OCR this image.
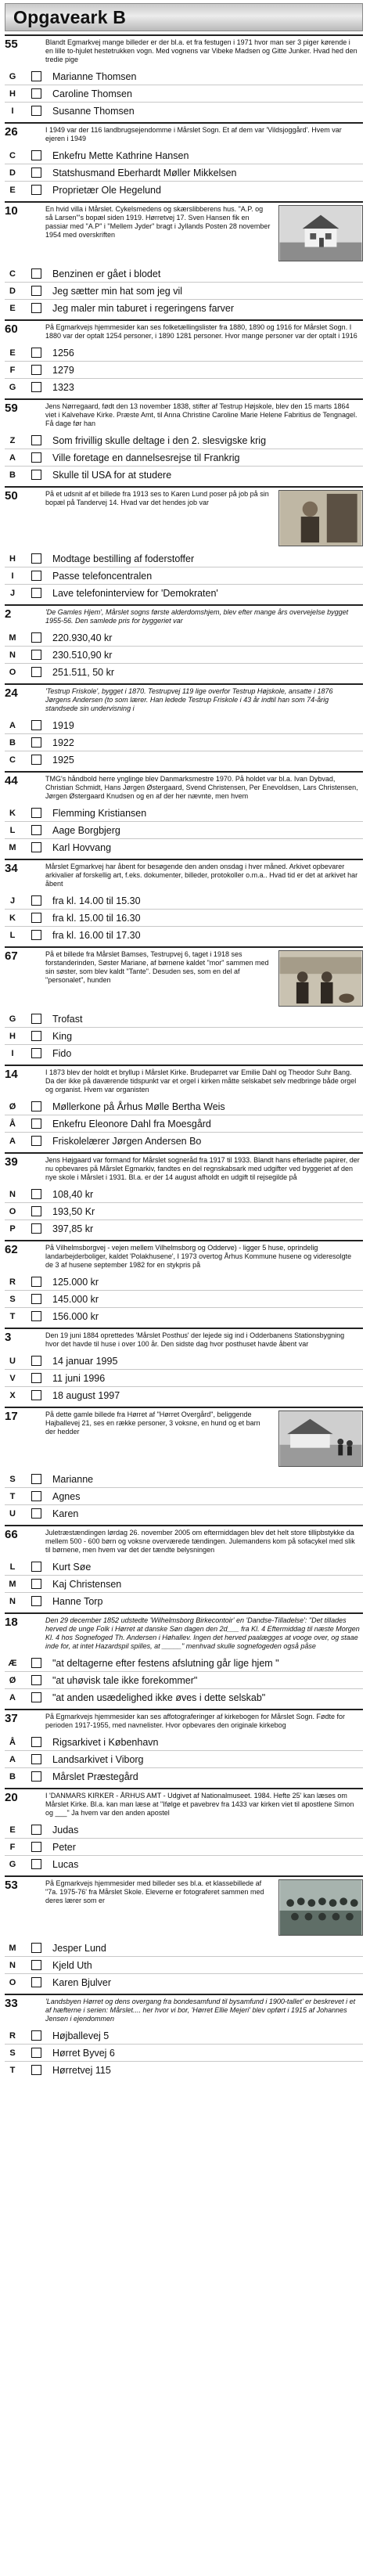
Opgaveark B
55	Blandt Egmarkvej mange billeder er der bl.a. et fra festugen i 1971 hvor man ser 3 piger kørende i en lille to-hjulet hestetrukken vogn. Med vognens var Vibeke Madsen og Gitte Junker. Hvad hed den tredie pige
G	Marianne Thomsen
H	Caroline Thomsen
I	Susanne Thomsen
26	I 1949 var der 116 landbrugsejendomme i Mårslet Sogn. Et af dem var 'Vildsjoggård'. Hvem var ejeren i 1949
C	Enkefru Mette Kathrine Hansen
D	Statshusmand Eberhardt Møller Mikkelsen
E	Proprietær Ole Hegelund
10	En hvid villa i Mårslet. Cykelsmedens og skærslibberens hus. "A.P. og så Larsen"'s bopæl siden 1919. Hørretvej 17. Sven Hansen fik en passiar med "A.P" i "Mellem Jyder" bragt i Jyllands Posten 28 november 1954 med overskriften
C	Benzinen er gået i blodet
D	Jeg sætter min hat som jeg vil
E	Jeg maler min taburet i regeringens farver
60	På Egmarkvejs hjemmesider kan ses folketællingslister fra 1880, 1890 og 1916 for Mårslet Sogn. I 1880 var der optalt 1254 personer, i 1890 1281 personer. Hvor mange personer var der optalt i 1916
E	1256
F	1279
G	1323
59	Jens Nørregaard, født den 13 november 1838, stifter af Testrup Højskole, blev den 15 marts 1864 viet i Kalvehave Kirke. Præste Amt, til Anna Christine Caroline Marie Helene Fabritius de Tengnagel. Få dage før han
Z	Som frivillig skulle deltage i den 2. slesvigske krig
A	Ville foretage en dannelsesrejse til Frankrig
B	Skulle til USA for at studere
50	På et udsnit af et billede fra 1913 ses to Karen Lund poser på job på sin bopæl på Tandervej 14. Hvad var det hendes job var
H	Modtage bestilling af foderstoffer
I	Passe telefoncentralen
J	Lave telefoninterview for 'Demokraten'
2	'De Gamles Hjem', Mårslet sogns første alderdomshjem, blev efter mange års overvejelse bygget 1955-56. Den samlede pris for byggeriet var
M	220.930,40 kr
N	230.510,90 kr
O	251.511, 50 kr
24	'Testrup Friskole', bygget i 1870. Testrupvej 119 lige overfor Testrup Højskole, ansatte i 1876 Jørgens Andersen (to som lærer. Han ledede Testrup Friskole i 43 år indtil han som 74-årig standsede sin undervisning i
A	1919
B	1922
C	1925
44	TMG's håndbold herre ynglinge blev Danmarksmestre 1970. På holdet var bl.a. Ivan Dybvad, Christian Schmidt, Hans Jørgen Østergaard, Svend Christensen, Per Enevoldsen, Lars Christensen, Jørgen Østergaard Knudsen og en af der her nævnte, men hvem
K	Flemming Kristiansen
L	Aage Borgbjerg
M	Karl Hovvang
34	Mårslet Egmarkvej har åbent for besøgende den anden onsdag i hver måned. Arkivet opbevarer arkivalier af forskellig art, f.eks. dokumenter, billeder, protokoller o.m.a.. Hvad tid er det at arkivet har åbent
J	fra kl. 14.00 til 15.30
K	fra kl. 15.00 til 16.30
L	fra kl. 16.00 til 17.30
67	På et billede fra Mårslet Bamses, Testrupvej 6, taget i 1918 ses forstanderinden, Søster Mariane, af børnene kaldet "mor" sammen med sin søster, som blev kaldt "Tante". Desuden ses, som en del af "personalet", hunden
G	Trofast
H	King
I	Fido
14	I 1873 blev der holdt et bryllup i Mårslet Kirke. Brudeparret var Emilie Dahl og Theodor Suhr Bang. Da der ikke på daværende tidspunkt var et orgel i kirken måtte selskabet selv medbringe både orgel og organist. Hvem var organisten
Ø	Møllerkone på Århus Mølle Bertha Weis
Å	Enkefru Eleonore Dahl fra Moesgård
A	Friskolelærer Jørgen Andersen Bo
39	Jens Højgaard var formand for Mårslet sogneråd fra 1917 til 1933. Blandt hans efterladte papirer, der nu opbevares på Mårslet Egmarkiv, fandtes en del regnskabsark med udgifter ved byggeriet af den nye skole i Mårslet i 1931. Bl.a. er der 14 august afholdt en udgift til rejsegilde på
N	108,40 kr
O	193,50 Kr
P	397,85 kr
62	På Vilhelmsborgvej - vejen mellem Vilhelmsborg og Odderve) - ligger 5 huse, oprindelig landarbejderboliger, kaldet 'Polakhusene', I 1973 overtog Århus Kommune husene og videresolgte de 3 af husene september 1982 for en stykpris på
R	125.000 kr
S	145.000 kr
T	156.000 kr
3	Den 19 juni 1884 oprettedes 'Mårslet Posthus' der lejede sig ind i Odderbanens Stationsbygning hvor det havde til huse i over 100 år. Den sidste dag hvor posthuset havde åbent var
U	14 januar 1995
V	11 juni 1996
X	18 august 1997
17	På dette gamle billede fra Hørret af "Hørret Overgård", beliggende Hajballevej 21, ses en række personer, 3 voksne, en hund og et barn der hedder
S	Marianne
T	Agnes
U	Karen
66	Juletræstændingen lørdag 26. november 2005 om eftermiddagen blev det helt store tillipbstykke da mellem 500 - 600 børn og voksne overværede tændingen. Julemandens kom på sofacykel med slik til børnene, men hvem var det der tændte belysningen
L	Kurt Søe
M	Kaj Christensen
N	Hanne Torp
18	Den 29 december 1852 udstedte 'Wilhelmsborg Birkecontoir' en 'Dandse-Tilladelse': "Det tillades herved de unge Folk i Hørret at danske Søn dagen den 2d___ fra Kl. 4 Eftermiddag til næste Morgen Kl. 4 hos Sognefoged Th. Andersen i Høhallev. Ingen det herved paalægges at vooge over, og staae inde for, at intet Hazardspil spilles, at _____" menhvad skulle sognefogeden også påse
Æ	"at deltagerne efter festens afslutning går lige hjem "
Ø	"at uhøvisk tale ikke forekommer"
A	"at anden usædelighed ikke øves i dette selskab"
37	På Egmarkvejs hjemmesider kan ses affotograferinger af kirkebogen for Mårslet Sogn. Fødte for perioden 1917-1955, med navnelister. Hvor opbevares den originale kirkebog
Å	Rigsarkivet i København
A	Landsarkivet i Viborg
B	Mårslet Præstegård
20	I 'DANMARS KIRKER - ÅRHUS AMT - Udgivet af Nationalmuseet. 1984. Hefte 25' kan læses om Mårslet Kirke. Bl.a. kan man læse at "Ifølge et pavebrev fra 1433 var kirken viet til apostlene Simon og ___" Ja hvem var den anden apostel
E	Judas
F	Peter
G	Lucas
53	På Egmarkvejs hjemmesider med billeder ses bl.a. et klassebillede af "7a. 1975-76' fra Mårslet Skole. Eleverne er fotograferet sammen med deres lærer som er
M	Jesper Lund
N	Kjeld Uth
O	Karen Bjulver
33	'Landsbyen Hørret og dens overgang fra bondesamfund til bysamfund i 1900-tallet' er beskrevet i et af hæfterne i serien: Mårslet.... her hvor vi bor, 'Hørret Ellie Mejeri' blev opført i 1915 af Johannes Jensen i ejendommen
R	Højballevej 5
S	Hørret Byvej 6
T	Hørretvej 115
